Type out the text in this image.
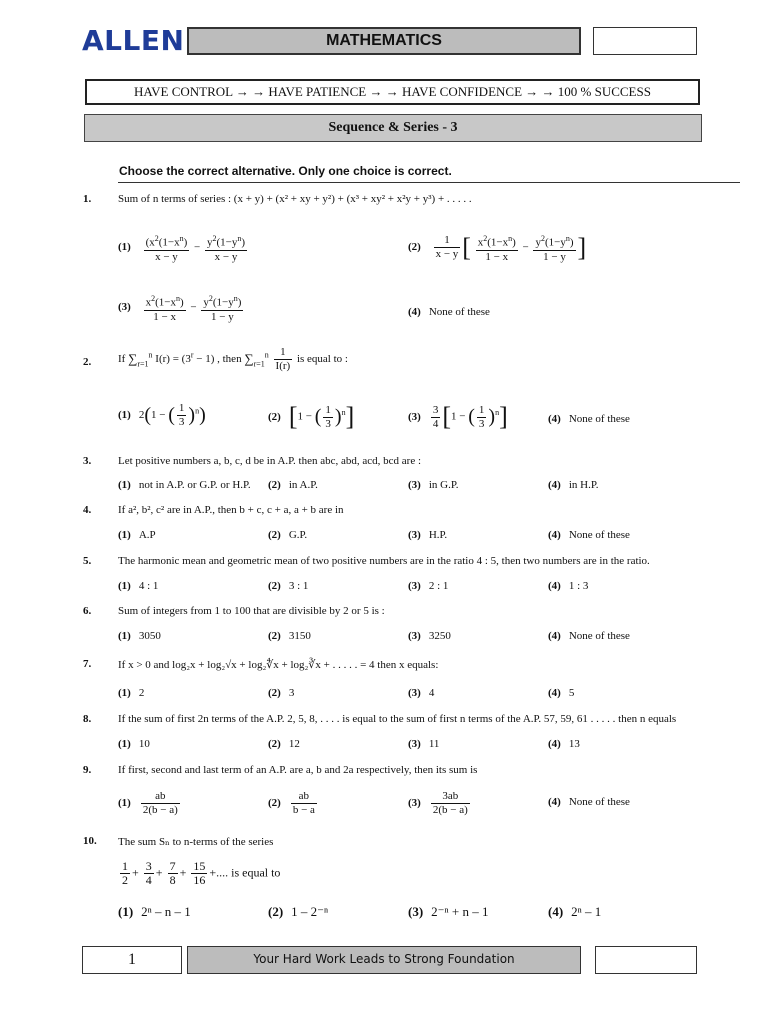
ALLEN	MATHEMATICS
HAVE CONTROL → → HAVE PATIENCE → → HAVE CONFIDENCE → → 100 % SUCCESS
Sequence & Series - 3
Choose the correct alternative. Only one choice is correct.
1. Sum of n terms of series : (x + y) + (x² + xy + y²) + (x³ + xy² + x²y + y³) + . . . . .
$(1) \frac{(x^2(1-x^n)}{x - y} - \frac{y^2(1-y^n)}{x - y}$	$(2) \frac{1}{x - y}$ [ $\frac{x^2(1-x^n)}{1 - x} - \frac{y^2(1-y^n)}{1 - y}$ ]
$(3) \frac{x^2(1-x^n)}{1 - x} - \frac{y^2(1-y^n)}{1 - y}$	(4) None of these
2. If $\sum_{r=1}^n$ $I(r) = (3^r - 1)$ , then $\sum_{r=1}^n \frac{1}{I(r)}$ is equal to :
(1) 2(1 − ( $\frac{1}{3} )^n$)	(2) [1 − ( $\frac{1}{3} )^n$]	$(3) \frac{3}{4} [1$ − ( $\frac{1}{3} )^n$]	(4) None of these
3. Let positive numbers a, b, c, d be in A.P. then abc, abd, acd, bcd are :
(1) not in A.P. or G.P. or H.P. (2) in A.P.	(3) in G.P.	(4) in H.P.
4. If a², b², c² are in A.P., then b + c, c + a, a + b are in
(1) A.P	(2) G.P.	(3) H.P.	(4) None of these
5. The harmonic mean and geometric mean of two positive numbers are in the ratio 4 : 5, then two numbers are in the ratio.
(1) 4 : 1	(2) 3 : 1	(3) 2 : 1	(4) 1 : 3
6. Sum of integers from 1 to 100 that are divisible by 2 or 5 is :
(1) 3050	(2) 3150	(3) 3250	(4) None of these
7. If x > 0 and log₂x + log₂√x + log₂∜x + log₂∛x + . . . . . = 4 then x equals:
(1) 2	(2) 3	(3) 4	(4) 5
8. If the sum of first 2n terms of the A.P. 2, 5, 8, . . . . is equal to the sum of first n terms of the A.P. 57, 59, 61 . . . . . then n equals
(1) 10	(2) 12	(3) 11	(4) 13
9. If first, second and last term of an A.P. are a, b and 2a respectively, then its sum is
$(1) \frac{ab}{2(b - a)}$	$(2) \frac{ab}{b - a}$	$(3) \frac{3ab}{2(b - a)}$	(4) None of these
10. The sum Sₙ to n-terms of the series
$\frac{1}{2} + \frac{3}{4} + \frac{7}{8} + \frac{15}{16}$ +.... is equal to
(1) 2ⁿ – n – 1	(2) 1 – 2⁻ⁿ	(3) 2⁻ⁿ + n – 1	(4) 2ⁿ – 1
1	Your Hard Work Leads to Strong Foundation
